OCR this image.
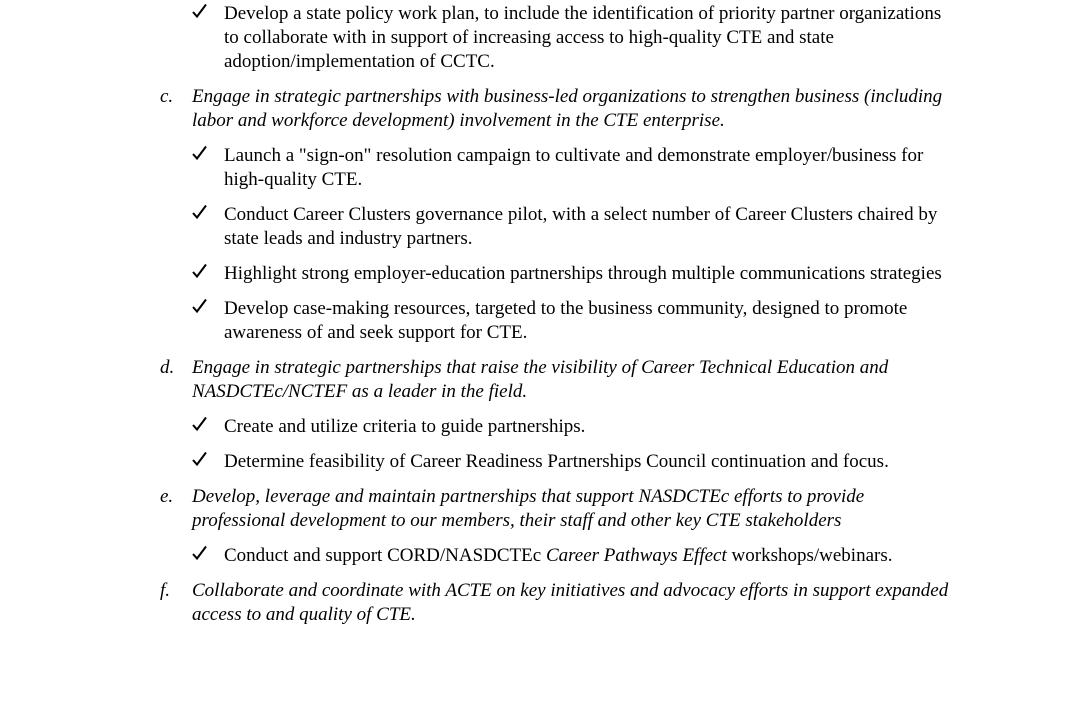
Develop a state policy work plan, to include the identification of priority partner organizations to collaborate with in support of increasing access to high-quality CTE and state adoption/implementation of CCTC.
c. Engage in strategic partnerships with business-led organizations to strengthen business (including labor and workforce development) involvement in the CTE enterprise.
Launch a "sign-on" resolution campaign to cultivate and demonstrate employer/business for high-quality CTE.
Conduct Career Clusters governance pilot, with a select number of Career Clusters chaired by state leads and industry partners.
Highlight strong employer-education partnerships through multiple communications strategies
Develop case-making resources, targeted to the business community, designed to promote awareness of and seek support for CTE.
d. Engage in strategic partnerships that raise the visibility of Career Technical Education and NASDCTEc/NCTEF as a leader in the field.
Create and utilize criteria to guide partnerships.
Determine feasibility of Career Readiness Partnerships Council continuation and focus.
e. Develop, leverage and maintain partnerships that support NASDCTEc efforts to provide professional development to our members, their staff and other key CTE stakeholders
Conduct and support CORD/NASDCTEc Career Pathways Effect workshops/webinars.
f. Collaborate and coordinate with ACTE on key initiatives and advocacy efforts in support expanded access to and quality of CTE.
